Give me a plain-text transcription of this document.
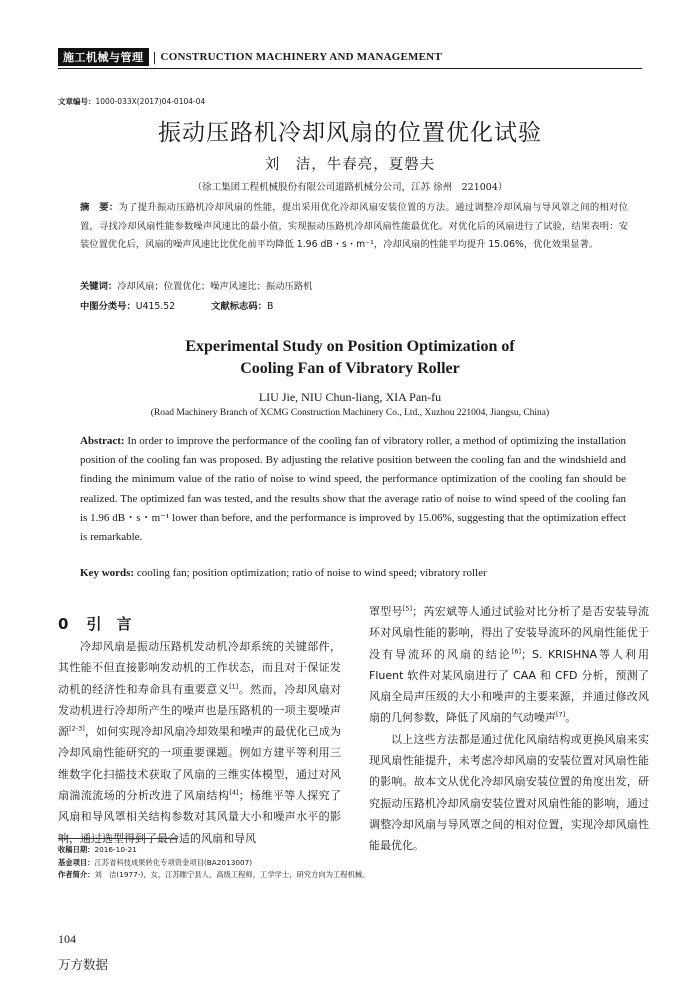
施工机械与管理 | CONSTRUCTION MACHINERY AND MANAGEMENT
文章编号：1000-033X(2017)04-0104-04
振动压路机冷却风扇的位置优化试验
刘　洁，牛春亮，夏磐夫
（徐工集团工程机械股份有限公司道路机械分公司，江苏 徐州　221004）
摘　要：为了提升振动压路机冷却风扇的性能，提出采用优化冷却风扇安装位置的方法。通过调整冷却风扇与导风罩之间的相对位置，寻找冷却风扇性能参数噪声风速比的最小值，实现振动压路机冷却风扇性能最优化。对优化后的风扇进行了试验，结果表明：安装位置优化后，风扇的噪声风速比比优化前平均降低 1.96 dB・s・m⁻¹，冷却风扇的性能平均提升 15.06%，优化效果显著。
关键词：冷却风扇；位置优化；噪声风速比；振动压路机
中图分类号：U415.52	文献标志码：B
Experimental Study on Position Optimization of
Cooling Fan of Vibratory Roller
LIU Jie, NIU Chun-liang, XIA Pan-fu
(Road Machinery Branch of XCMG Construction Machinery Co., Ltd., Xuzhou 221004, Jiangsu, China)
Abstract: In order to improve the performance of the cooling fan of vibratory roller, a method of optimizing the installation position of the cooling fan was proposed. By adjusting the relative position between the cooling fan and the windshield and finding the minimum value of the ratio of noise to wind speed, the performance optimization of the cooling fan should be realized. The optimized fan was tested, and the results show that the average ratio of noise to wind speed of the cooling fan is 1.96 dB・s・m⁻¹ lower than before, and the performance is improved by 15.06%, suggesting that the optimization effect is remarkable.
Key words: cooling fan; position optimization; ratio of noise to wind speed; vibratory roller
0 引　言

冷却风扇是振动压路机发动机冷却系统的关键部件，其性能不但直接影响发动机的工作状态，而且对于保证发动机的经济性和寿命具有重要意义[1]。然而，冷却风扇对发动机进行冷却所产生的噪声也是压路机的一项主要噪声源[2-3]，如何实现冷却风扇冷却效果和噪声的最优化已成为冷却风扇性能研究的一项重要课题。例如方建平等利用三维数字化扫描技术获取了风扇的三维实体模型，通过对风扇湍流流场的分析改进了风扇结构[4]；杨维平等人探究了风扇和导风罩相关结构参数对其风量大小和噪声水平的影响，通过选型得到了最合适的风扇和导风

罩型号[5]；芮宏斌等人通过试验对比分析了是否安装导流环对风扇性能的影响，得出了安装导流环的风扇性能优于没有导流环的风扇的结论[6]；S. KRISHNA等人利用 Fluent 软件对某风扇进行了 CAA 和 CFD 分析，预测了风扇全局声压级的大小和噪声的主要来源，并通过修改风扇的几何参数，降低了风扇的气动噪声[7]。

以上这些方法都是通过优化风扇结构或更换风扇来实现风扇性能提升，未考虑冷却风扇的安装位置对风扇性能的影响。故本文从优化冷却风扇安装位置的角度出发，研究振动压路机冷却风扇安装位置对风扇性能的影响，通过调整冷却风扇与导风罩之间的相对位置，实现冷却风扇性能最优化。

收稿日期：2016-10-21
基金项目：江苏省科技成果转化专项资金项目(BA2013007)
作者简介：刘　洁(1977-)，女，江苏睢宁县人，高级工程师，工学学士，研究方向为工程机械。
104
万方数据
